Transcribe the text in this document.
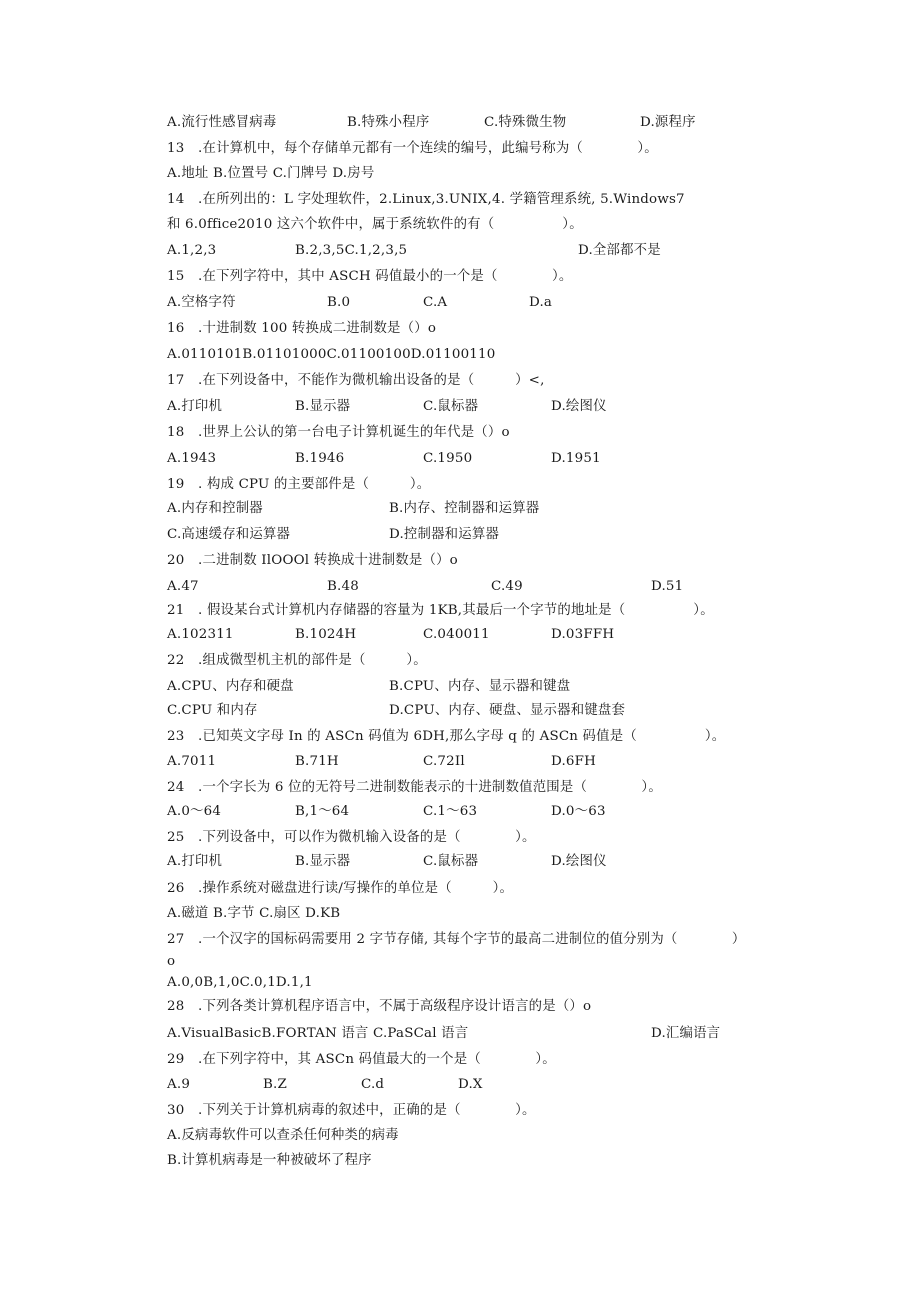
A.流行性感冒病毒	B.特殊小程序	C.特殊微生物	D.源程序
13　.在计算机中，每个存储单元都有一个连续的编号，此编号称为（　　　　）。
A.地址 B.位置号 C.门牌号 D.房号
14　.在所列出的：L 字处理软件，2.Linux,3.UNIX,4. 学籍管理系统, 5.Windows7
和 6.0ffice2010 这六个软件中，属于系统软件的有（　　　　　）。
A.1,2,3	B.2,3,5C.1,2,3,5	D.全部都不是
15　.在下列字符中，其中 ASCH 码值最小的一个是（　　　　）。
A.空格字符	B.0	C.A	D.a
16　.十进制数 100 转换成二进制数是（）o
A.0110101B.01101000C.01100100D.01100110
17　.在下列设备中，不能作为微机输出设备的是（　　　）<,
A.打印机	B.显示器	C.鼠标器	D.绘图仪
18　.世界上公认的第一台电子计算机诞生的年代是（）o
A.1943	B.1946	C.1950	D.1951
19　. 构成 CPU 的主要部件是（　　　）。
A.内存和控制器	B.内存、控制器和运算器
C.高速缓存和运算器	D.控制器和运算器
20　.二进制数 IlOOOl 转换成十进制数是（）o
A.47	B.48	C.49	D.51
21　. 假设某台式计算机内存储器的容量为 1KB,其最后一个字节的地址是（　　　　　）。
A.102311	B.1024H	C.040011	D.03FFH
22　.组成微型机主机的部件是（　　　）。
A.CPU、内存和硬盘	B.CPU、内存、显示器和键盘
C.CPU 和内存	D.CPU、内存、硬盘、显示器和键盘套
23　.已知英文字母 In 的 ASCn 码值为 6DH,那么字母 q 的 ASCn 码值是（　　　　　）。
A.7011	B.71H	C.72Il	D.6FH
24　.一个字长为 6 位的无符号二进制数能表示的十进制数值范围是（　　　　）。
A.0～64	B,1～64	C.1～63	D.0～63
25　.下列设备中，可以作为微机输入设备的是（　　　　）。
A.打印机	B.显示器	C.鼠标器	D.绘图仪
26　.操作系统对磁盘进行读/写操作的单位是（　　　）。
A.磁道 B.字节 C.扇区 D.KB
27　.一个汉字的国标码需要用 2 字节存储, 其每个字节的最高二进制位的值分别为（　　　　）
o
A.0,0B,1,0C.0,1D.1,1
28　.下列各类计算机程序语言中，不属于高级程序设计语言的是（）o
A.VisualBasicB.FORTAN 语言 C.PaSCal 语言	D.汇编语言
29　.在下列字符中，其 ASCn 码值最大的一个是（　　　　）。
A.9	B.Z	C.d	D.X
30　.下列关于计算机病毒的叙述中，正确的是（　　　　）。
A.反病毒软件可以查杀任何种类的病毒
B.计算机病毒是一种被破坏了程序
